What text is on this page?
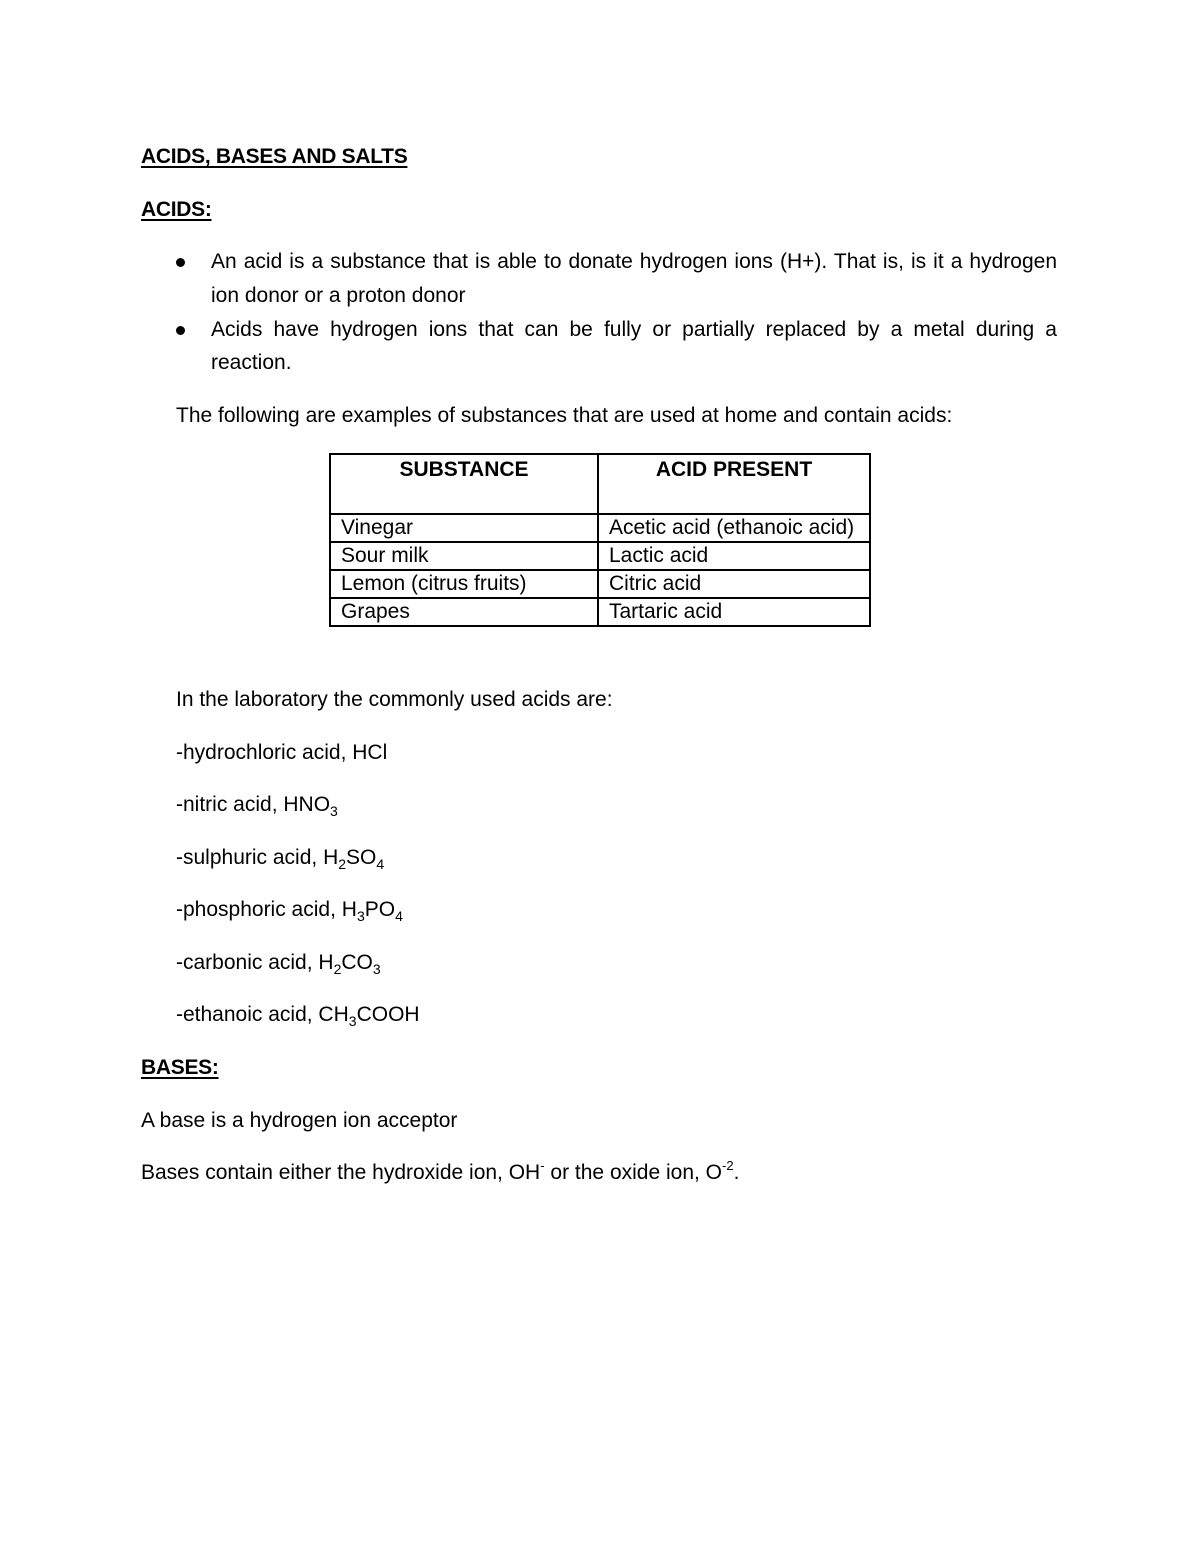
ACIDS, BASES AND SALTS
ACIDS:
An acid is a substance that is able to donate hydrogen ions (H+). That is, is it a hydrogen
ion donor or a proton donor
Acids have hydrogen ions that can be fully or partially replaced by a metal during a
reaction.
The following are examples of substances that are used at home and contain acids:
SUBSTANCE	ACID PRESENT
Vinegar	Acetic acid (ethanoic acid)
Sour milk	Lactic acid
Lemon (citrus fruits)	Citric acid
Grapes	Tartaric acid
In the laboratory the commonly used acids are:
-hydrochloric acid, HCl
-nitric acid, $HNO_3$
-sulphuric acid, $H_2SO_4$
-phosphoric acid, $H_3PO_4$
-carbonic acid, $H_2CO_3$
-ethanoic acid, $CH_3COOH$
BASES:
A base is a hydrogen ion acceptor
Bases contain either the hydroxide ion, OH- or the oxide ion, $O^{-2}$.
